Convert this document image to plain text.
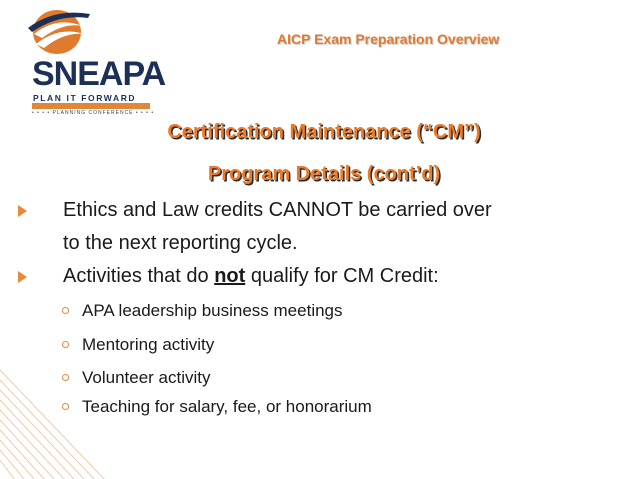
SNEAPA
PLAN IT FORWARD
• • • • PLANNING CONFERENCE • • • •
AICP Exam Preparation Overview
Certification Maintenance (“CM”)
Program Details (cont’d)
Ethics and Law credits CANNOT be carried over
to the next reporting cycle.
Activities that do not qualify for CM Credit:
APA leadership business meetings
Mentoring activity
Volunteer activity
Teaching for salary, fee, or honorarium
